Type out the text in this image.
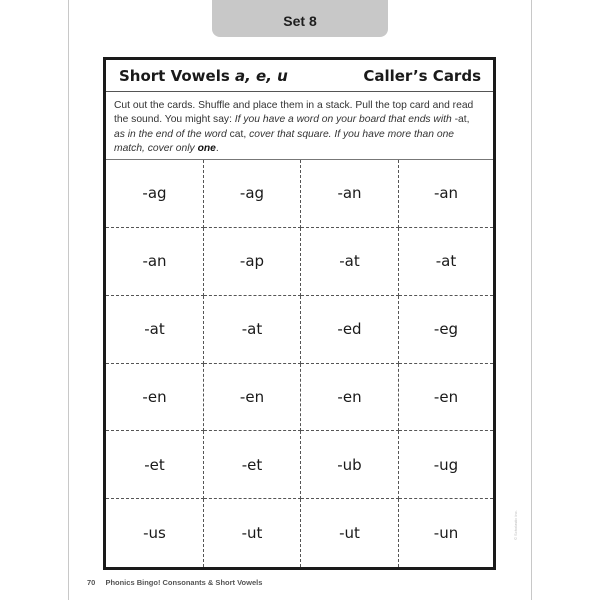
Set 8
Short Vowels a, e, u	Caller’s Cards
Cut out the cards. Shuffle and place them in a stack. Pull the top card and read the sound. You might say: If you have a word on your board that ends with -at, as in the end of the word cat, cover that square. If you have more than one match, cover only one.
-ag	-ag	-an	-an
-an	-ap	-at	-at
-at	-at	-ed	-eg
-en	-en	-en	-en
-et	-et	-ub	-ug
-us	-ut	-ut	-un
70 Phonics Bingo! Consonants & Short Vowels
© Scholastic Inc.
